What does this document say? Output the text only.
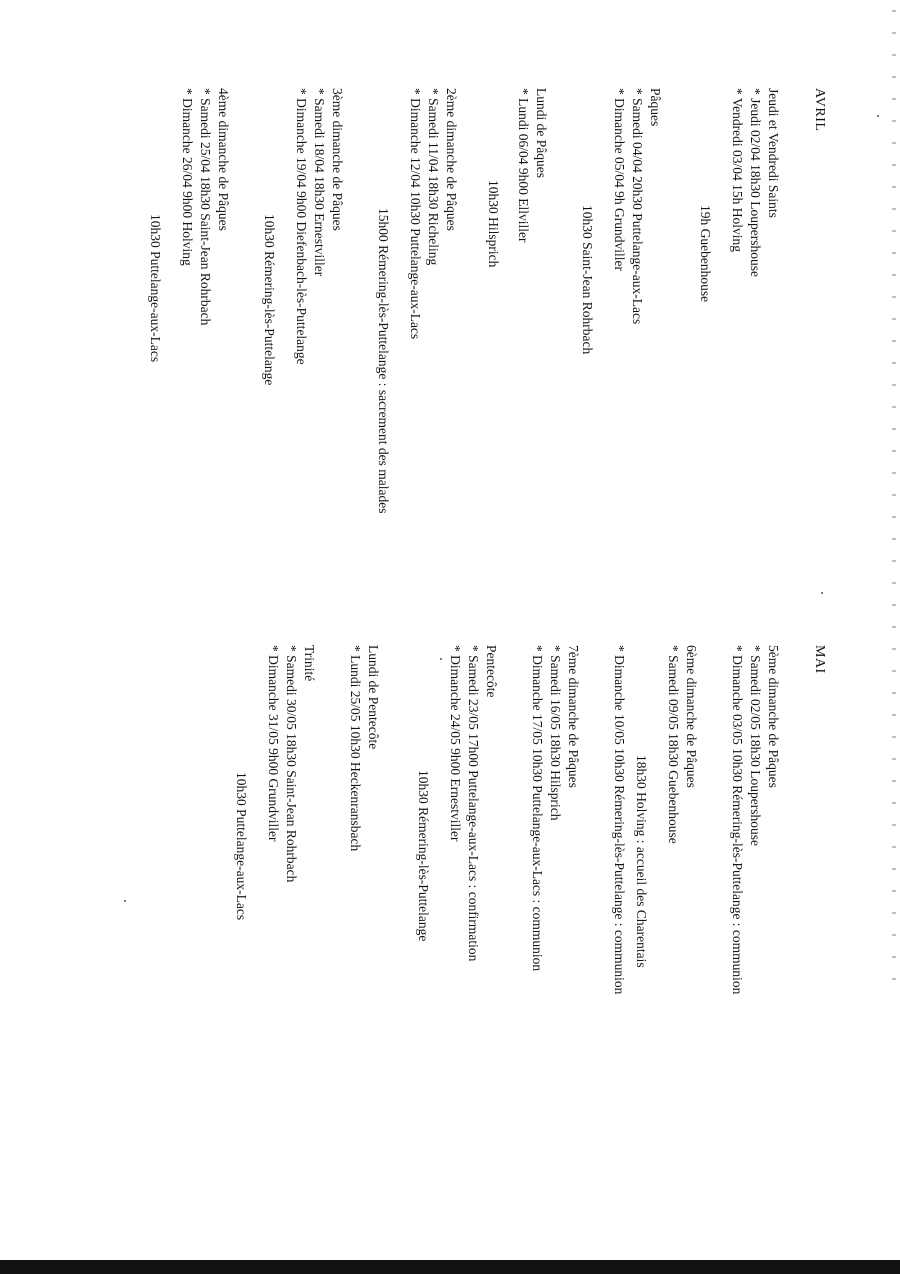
AVRIL
Jeudi et Vendredi Saints
* Jeudi 02/04 18h30 Loupershouse
* Vendredi 03/04 15h Holving
19h Guebenhouse
Pâques
* Samedi 04/04 20h30 Puttelange-aux-Lacs
* Dimanche 05/04 9h Grundviller
10h30 Saint-Jean Rohrbach
Lundi de Pâques
* Lundi 06/04 9h00 Ellviller
10h30 Hilsprich
2ème dimanche de Pâques
* Samedi 11/04 18h30 Richeling
* Dimanche 12/04 10h30 Puttelange-aux-Lacs
15h00 Rémering-lès-Puttelange : sacrement des malades
3ème dimanche de Pâques
* Samedi 18/04 18h30 Ernestviller
* Dimanche 19/04 9h00 Diefenbach-lès-Puttelange
10h30 Rémering-lès-Puttelange
4ème dimanche de Pâques
* Samedi 25/04 18h30 Saint-Jean Rohrbach
* Dimanche 26/04 9h00 Holving
10h30 Puttelange-aux-Lacs
MAI
5ème dimanche de Pâques
* Samedi 02/05 18h30 Loupershouse
* Dimanche 03/05 10h30 Rémering-lès-Puttelange : communion
6ème dimanche de Pâques
* Samedi 09/05 18h30 Guebenhouse
18h30 Holving : accueil des Charentais
* Dimanche 10/05 10h30 Rémering-lès-Puttelange : communion
7ème dimanche de Pâques
* Samedi 16/05 18h30 Hilsprich
* Dimanche 17/05 10h30 Puttelange-aux-Lacs : communion
Pentecôte
* Samedi 23/05 17h00 Puttelange-aux-Lacs : confirmation
* Dimanche 24/05 9h00 Ernestviller
10h30 Rémering-lès-Puttelange
Lundi de Pentecôte
* Lundi 25/05 10h30 Heckenransbach
Trinité
* Samedi 30/05 18h30 Saint-Jean Rohrbach
* Dimanche 31/05 9h00 Grundviller
10h30 Puttelange-aux-Lacs
